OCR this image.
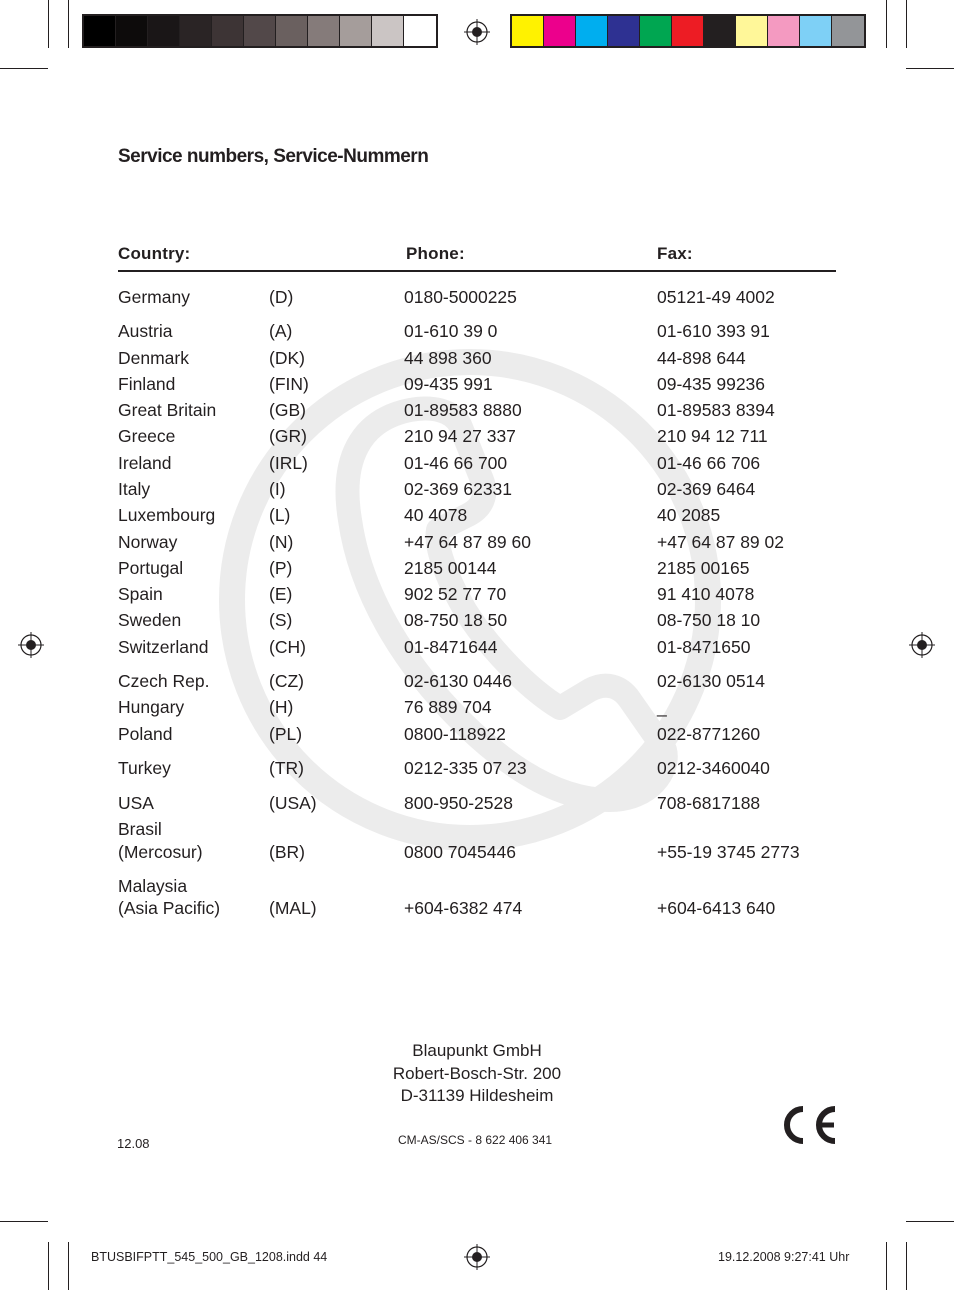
Service numbers, Service-Nummern
Country:	Phone:	Fax:
Germany	(D)	0180-5000225	05121-49 4002
Austria	(A)	01-610 39 0	01-610 393 91
Denmark	(DK)	44 898 360	44-898 644
Finland	(FIN)	09-435 991	09-435 99236
Great Britain	(GB)	01-89583 8880	01-89583 8394
Greece	(GR)	210 94 27 337	210 94 12 711
Ireland	(IRL)	01-46 66 700	01-46 66 706
Italy	(I)	02-369 62331	02-369 6464
Luxembourg	(L)	40 4078	40 2085
Norway	(N)	+47 64 87 89 60	+47 64 87 89 02
Portugal	(P)	2185 00144	2185 00165
Spain	(E)	902 52 77 70	91 410 4078
Sweden	(S)	08-750 18 50	08-750 18 10
Switzerland	(CH)	01-8471644	01-8471650
Czech Rep.	(CZ)	02-6130 0446	02-6130 0514
Hungary	(H)	76 889 704	_
Poland	(PL)	0800-118922	022-8771260
Turkey	(TR)	0212-335 07 23	0212-3460040
USA	(USA)	800-950-2528	708-6817188
Brasil
(Mercosur)	(BR)	0800 7045446	+55-19 3745 2773
Malaysia
(Asia Pacific)	(MAL)	+604-6382 474	+604-6413 640
Blaupunkt GmbH
Robert-Bosch-Str. 200
D-31139 Hildesheim
12.08	CM-AS/SCS - 8 622 406 341
BTUSBIFPTT_545_500_GB_1208.indd 44	19.12.2008 9:27:41 Uhr
